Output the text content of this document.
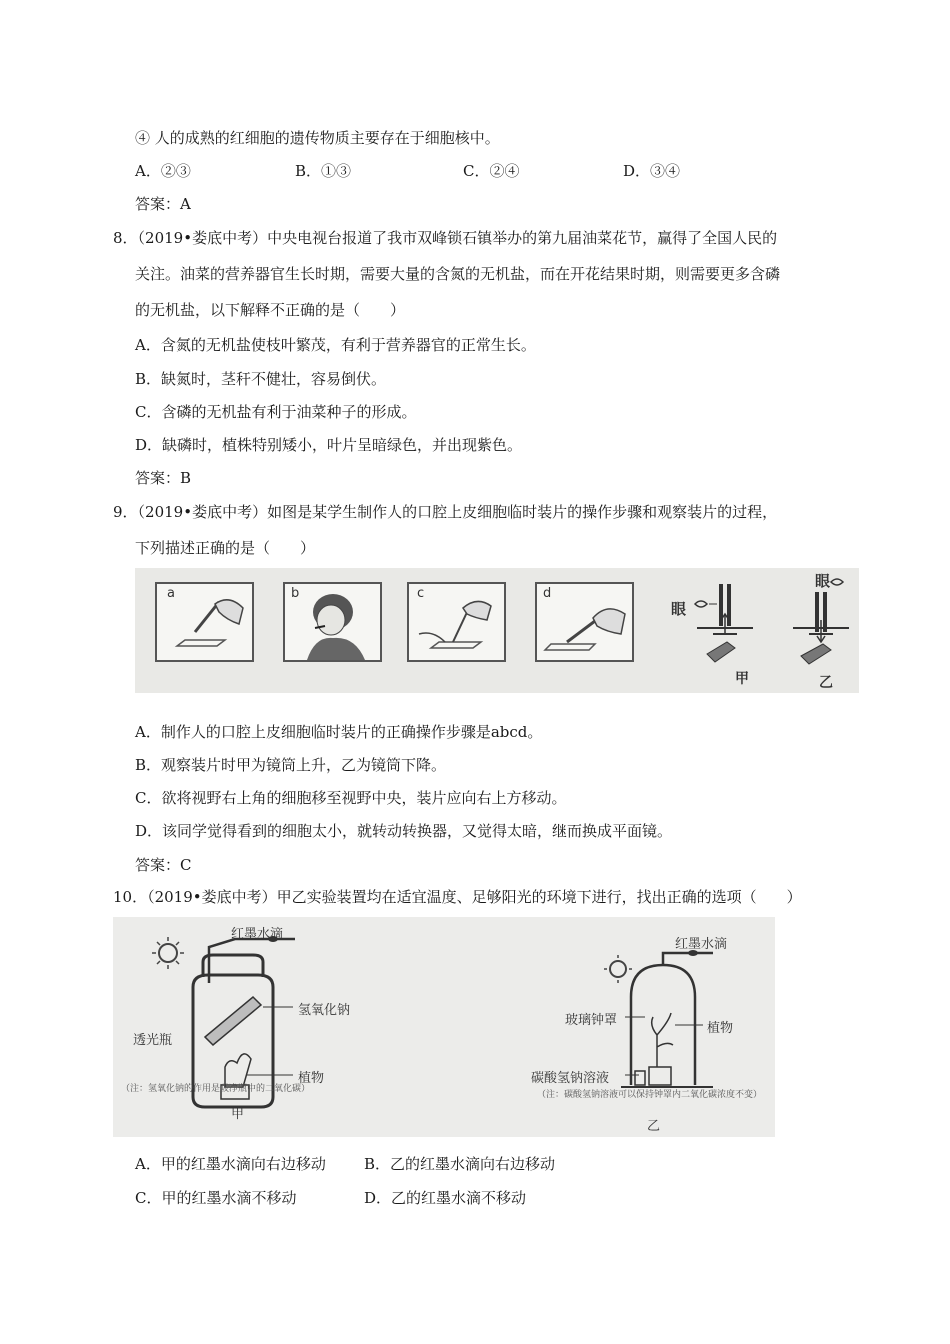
④ 人的成熟的红细胞的遗传物质主要存在于细胞核中。
A．②③	B．①③	C．②④	D．③④
答案：A
8．（2019•娄底中考）中央电视台报道了我市双峰锁石镇举办的第九届油菜花节，赢得了全国人民的
关注。油菜的营养器官生长时期，需要大量的含氮的无机盐，而在开花结果时期，则需要更多含磷
的无机盐，以下解释不正确的是（　　）
A．含氮的无机盐使枝叶繁茂，有利于营养器官的正常生长。
B．缺氮时，茎秆不健壮，容易倒伏。
C．含磷的无机盐有利于油菜种子的形成。
D．缺磷时，植株特别矮小，叶片呈暗绿色，并出现紫色。
答案：B
9．（2019•娄底中考）如图是某学生制作人的口腔上皮细胞临时装片的操作步骤和观察装片的过程，
下列描述正确的是（　　）
a	b	c	d
眼
甲
眼
乙
A．制作人的口腔上皮细胞临时装片的正确操作步骤是abcd。
B．观察装片时甲为镜筒上升，乙为镜筒下降。
C．欲将视野右上角的细胞移至视野中央，装片应向右上方移动。
D．该同学觉得看到的细胞太小，就转动转换器，又觉得太暗，继而换成平面镜。
答案：C
10．（2019•娄底中考）甲乙实验装置均在适宜温度、足够阳光的环境下进行，找出正确的选项（　　）
红墨水滴
氢氧化钠
透光瓶
植物
（注：氢氧化钠的作用是吸净瓶中的二氧化碳）
甲
红墨水滴
玻璃钟罩
植物
碳酸氢钠溶液
（注：碳酸氢钠溶液可以保持钟罩内二氧化碳浓度不变）
乙
A．甲的红墨水滴向右边移动	B．乙的红墨水滴向右边移动
C．甲的红墨水滴不移动	D．乙的红墨水滴不移动
